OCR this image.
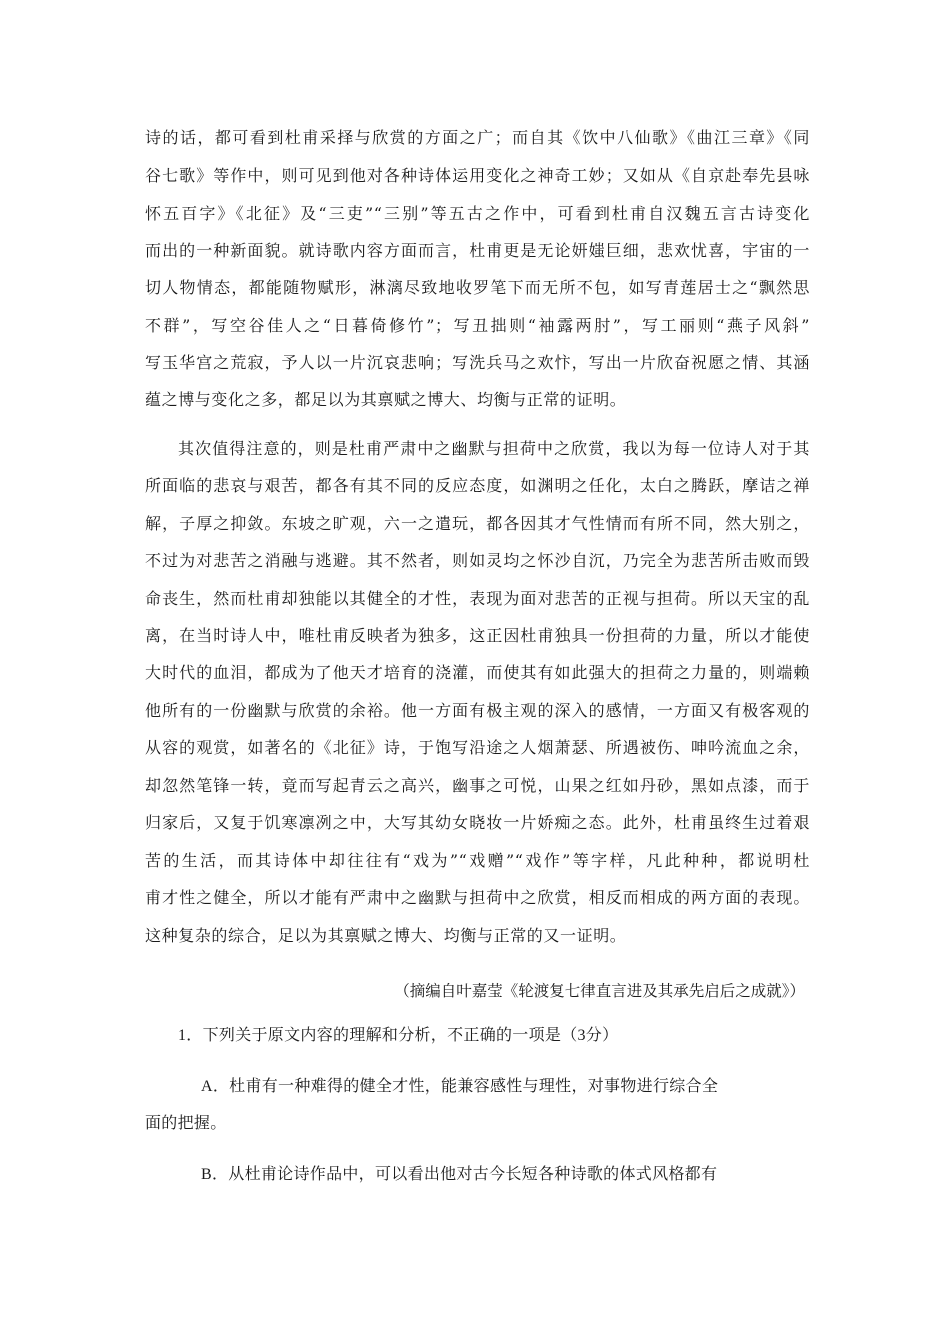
诗的话，都可看到杜甫采择与欣赏的方面之广；而自其《饮中八仙歌》《曲江三章》《同
谷七歌》等作中，则可见到他对各种诗体运用变化之神奇工妙；又如从《自京赴奉先县咏
怀五百字》《北征》及“三吏”“三别”等五古之作中，可看到杜甫自汉魏五言古诗变化
而出的一种新面貌。就诗歌内容方面而言，杜甫更是无论妍媸巨细，悲欢忧喜，宇宙的一
切人物情态，都能随物赋形，淋漓尽致地收罗笔下而无所不包，如写青莲居士之“飘然思
不群”，写空谷佳人之“日暮倚修竹”；写丑拙则“袖露两肘”，写工丽则“燕子风斜”
写玉华宫之荒寂，予人以一片沉哀悲响；写洗兵马之欢忭，写出一片欣奋祝愿之情、其涵
蕴之博与变化之多，都足以为其禀赋之博大、均衡与正常的证明。
其次值得注意的，则是杜甫严肃中之幽默与担荷中之欣赏，我以为每一位诗人对于其
所面临的悲哀与艰苦，都各有其不同的反应态度，如渊明之任化，太白之腾跃，摩诘之禅
解，子厚之抑敛。东坡之旷观，六一之遣玩，都各因其才气性情而有所不同，然大别之，
不过为对悲苦之消融与逃避。其不然者，则如灵均之怀沙自沉，乃完全为悲苦所击败而毁
命丧生，然而杜甫却独能以其健全的才性，表现为面对悲苦的正视与担荷。所以天宝的乱
离，在当时诗人中，唯杜甫反映者为独多，这正因杜甫独具一份担荷的力量，所以才能使
大时代的血泪，都成为了他天才培育的浇灌，而使其有如此强大的担荷之力量的，则端赖
他所有的一份幽默与欣赏的余裕。他一方面有极主观的深入的感情，一方面又有极客观的
从容的观赏，如著名的《北征》诗，于饱写沿途之人烟萧瑟、所遇被伤、呻吟流血之余，
却忽然笔锋一转，竟而写起青云之高兴，幽事之可悦，山果之红如丹砂，黑如点漆，而于
归家后，又复于饥寒凛冽之中，大写其幼女晓妆一片娇痴之态。此外，杜甫虽终生过着艰
苦的生活，而其诗体中却往往有“戏为”“戏赠”“戏作”等字样，凡此种种，都说明杜
甫才性之健全，所以才能有严肃中之幽默与担荷中之欣赏，相反而相成的两方面的表现。
这种复杂的综合，足以为其禀赋之博大、均衡与正常的又一证明。
（摘编自叶嘉莹《轮渡复七律直言进及其承先启后之成就》）
1．下列关于原文内容的理解和分析，不正确的一项是（3分）
A．杜甫有一种难得的健全才性，能兼容感性与理性，对事物进行综合全
面的把握。
B．从杜甫论诗作品中，可以看出他对古今长短各种诗歌的体式风格都有
